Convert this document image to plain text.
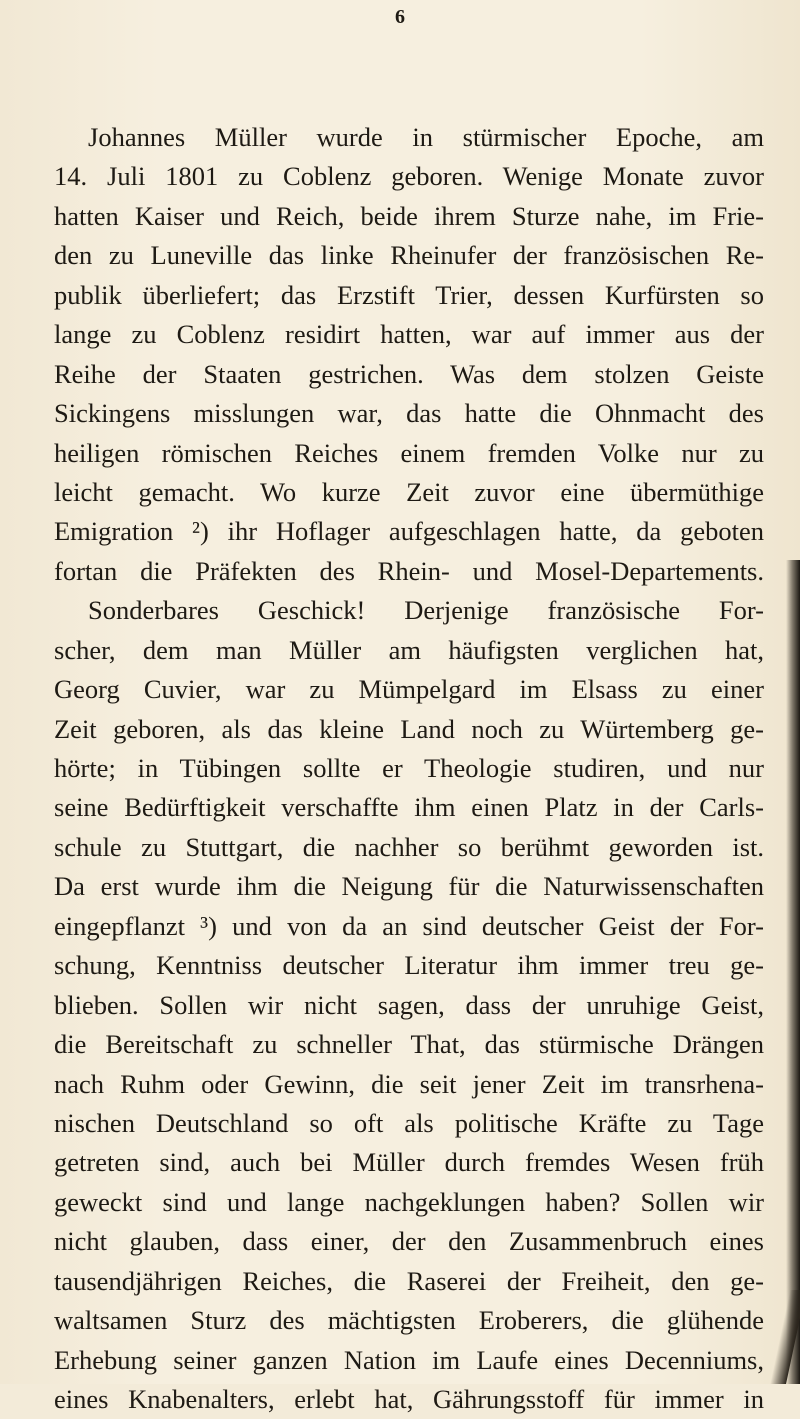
6
Johannes Müller wurde in stürmischer Epoche, am
14. Juli 1801 zu Coblenz geboren. Wenige Monate zuvor
hatten Kaiser und Reich, beide ihrem Sturze nahe, im Frie-
den zu Luneville das linke Rheinufer der französischen Re-
publik überliefert; das Erzstift Trier, dessen Kurfürsten so
lange zu Coblenz residirt hatten, war auf immer aus der
Reihe der Staaten gestrichen. Was dem stolzen Geiste
Sickingens misslungen war, das hatte die Ohnmacht des
heiligen römischen Reiches einem fremden Volke nur zu
leicht gemacht. Wo kurze Zeit zuvor eine übermüthige
Emigration ²) ihr Hoflager aufgeschlagen hatte, da geboten
fortan die Präfekten des Rhein- und Mosel-Departements.
Sonderbares Geschick! Derjenige französische For-
scher, dem man Müller am häufigsten verglichen hat,
Georg Cuvier, war zu Mümpelgard im Elsass zu einer
Zeit geboren, als das kleine Land noch zu Würtemberg ge-
hörte; in Tübingen sollte er Theologie studiren, und nur
seine Bedürftigkeit verschaffte ihm einen Platz in der Carls-
schule zu Stuttgart, die nachher so berühmt geworden ist.
Da erst wurde ihm die Neigung für die Naturwissenschaften
eingepflanzt ³) und von da an sind deutscher Geist der For-
schung, Kenntniss deutscher Literatur ihm immer treu ge-
blieben. Sollen wir nicht sagen, dass der unruhige Geist,
die Bereitschaft zu schneller That, das stürmische Drängen
nach Ruhm oder Gewinn, die seit jener Zeit im transrhena-
nischen Deutschland so oft als politische Kräfte zu Tage
getreten sind, auch bei Müller durch fremdes Wesen früh
geweckt sind und lange nachgeklungen haben? Sollen wir
nicht glauben, dass einer, der den Zusammenbruch eines
tausendjährigen Reiches, die Raserei der Freiheit, den ge-
waltsamen Sturz des mächtigsten Eroberers, die glühende
Erhebung seiner ganzen Nation im Laufe eines Decenniums,
eines Knabenalters, erlebt hat, Gährungsstoff für immer in
